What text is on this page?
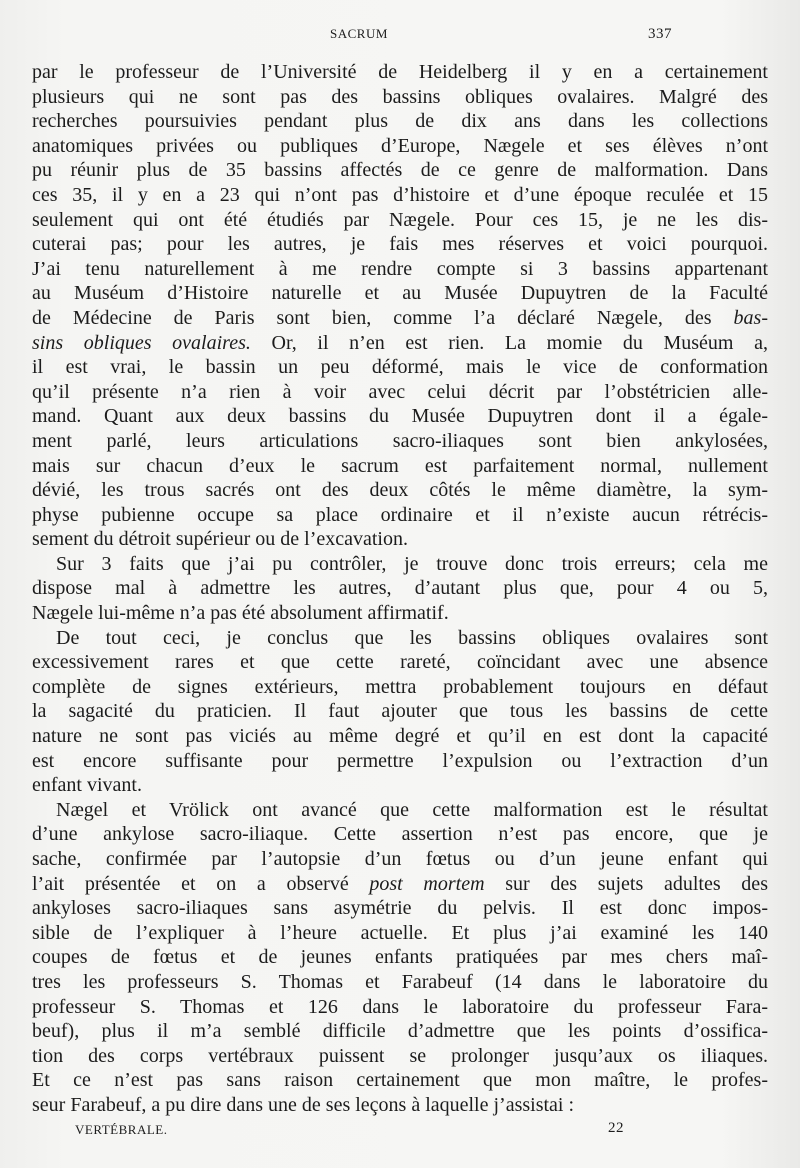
SACRUM	337
par le professeur de l’Université de Heidelberg il y en a certainement
plusieurs qui ne sont pas des bassins obliques ovalaires. Malgré des
recherches poursuivies pendant plus de dix ans dans les collections
anatomiques privées ou publiques d’Europe, Nægele et ses élèves n’ont
pu réunir plus de 35 bassins affectés de ce genre de malformation. Dans
ces 35, il y en a 23 qui n’ont pas d’histoire et d’une époque reculée et 15
seulement qui ont été étudiés par Nægele. Pour ces 15, je ne les dis-
cuterai pas; pour les autres, je fais mes réserves et voici pourquoi.
J’ai tenu naturellement à me rendre compte si 3 bassins appartenant
au Muséum d’Histoire naturelle et au Musée Dupuytren de la Faculté
de Médecine de Paris sont bien, comme l’a déclaré Nægele, des bas-
sins obliques ovalaires. Or, il n’en est rien. La momie du Muséum a,
il est vrai, le bassin un peu déformé, mais le vice de conformation
qu’il présente n’a rien à voir avec celui décrit par l’obstétricien alle-
mand. Quant aux deux bassins du Musée Dupuytren dont il a égale-
ment parlé, leurs articulations sacro-iliaques sont bien ankylosées,
mais sur chacun d’eux le sacrum est parfaitement normal, nullement
dévié, les trous sacrés ont des deux côtés le même diamètre, la sym-
physe pubienne occupe sa place ordinaire et il n’existe aucun rétrécis-
sement du détroit supérieur ou de l’excavation.
Sur 3 faits que j’ai pu contrôler, je trouve donc trois erreurs; cela me
dispose mal à admettre les autres, d’autant plus que, pour 4 ou 5,
Nægele lui-même n’a pas été absolument affirmatif.
De tout ceci, je conclus que les bassins obliques ovalaires sont
excessivement rares et que cette rareté, coïncidant avec une absence
complète de signes extérieurs, mettra probablement toujours en défaut
la sagacité du praticien. Il faut ajouter que tous les bassins de cette
nature ne sont pas viciés au même degré et qu’il en est dont la capacité
est encore suffisante pour permettre l’expulsion ou l’extraction d’un
enfant vivant.
Nægel et Vrölick ont avancé que cette malformation est le résultat
d’une ankylose sacro-iliaque. Cette assertion n’est pas encore, que je
sache, confirmée par l’autopsie d’un fœtus ou d’un jeune enfant qui
l’ait présentée et on a observé post mortem sur des sujets adultes des
ankyloses sacro-iliaques sans asymétrie du pelvis. Il est donc impos-
sible de l’expliquer à l’heure actuelle. Et plus j’ai examiné les 140
coupes de fœtus et de jeunes enfants pratiquées par mes chers maî-
tres les professeurs S. Thomas et Farabeuf (14 dans le laboratoire du
professeur S. Thomas et 126 dans le laboratoire du professeur Fara-
beuf), plus il m’a semblé difficile d’admettre que les points d’ossifica-
tion des corps vertébraux puissent se prolonger jusqu’aux os iliaques.
Et ce n’est pas sans raison certainement que mon maître, le profes-
seur Farabeuf, a pu dire dans une de ses leçons à laquelle j’assistai :
VERTÉBRALE.	22
